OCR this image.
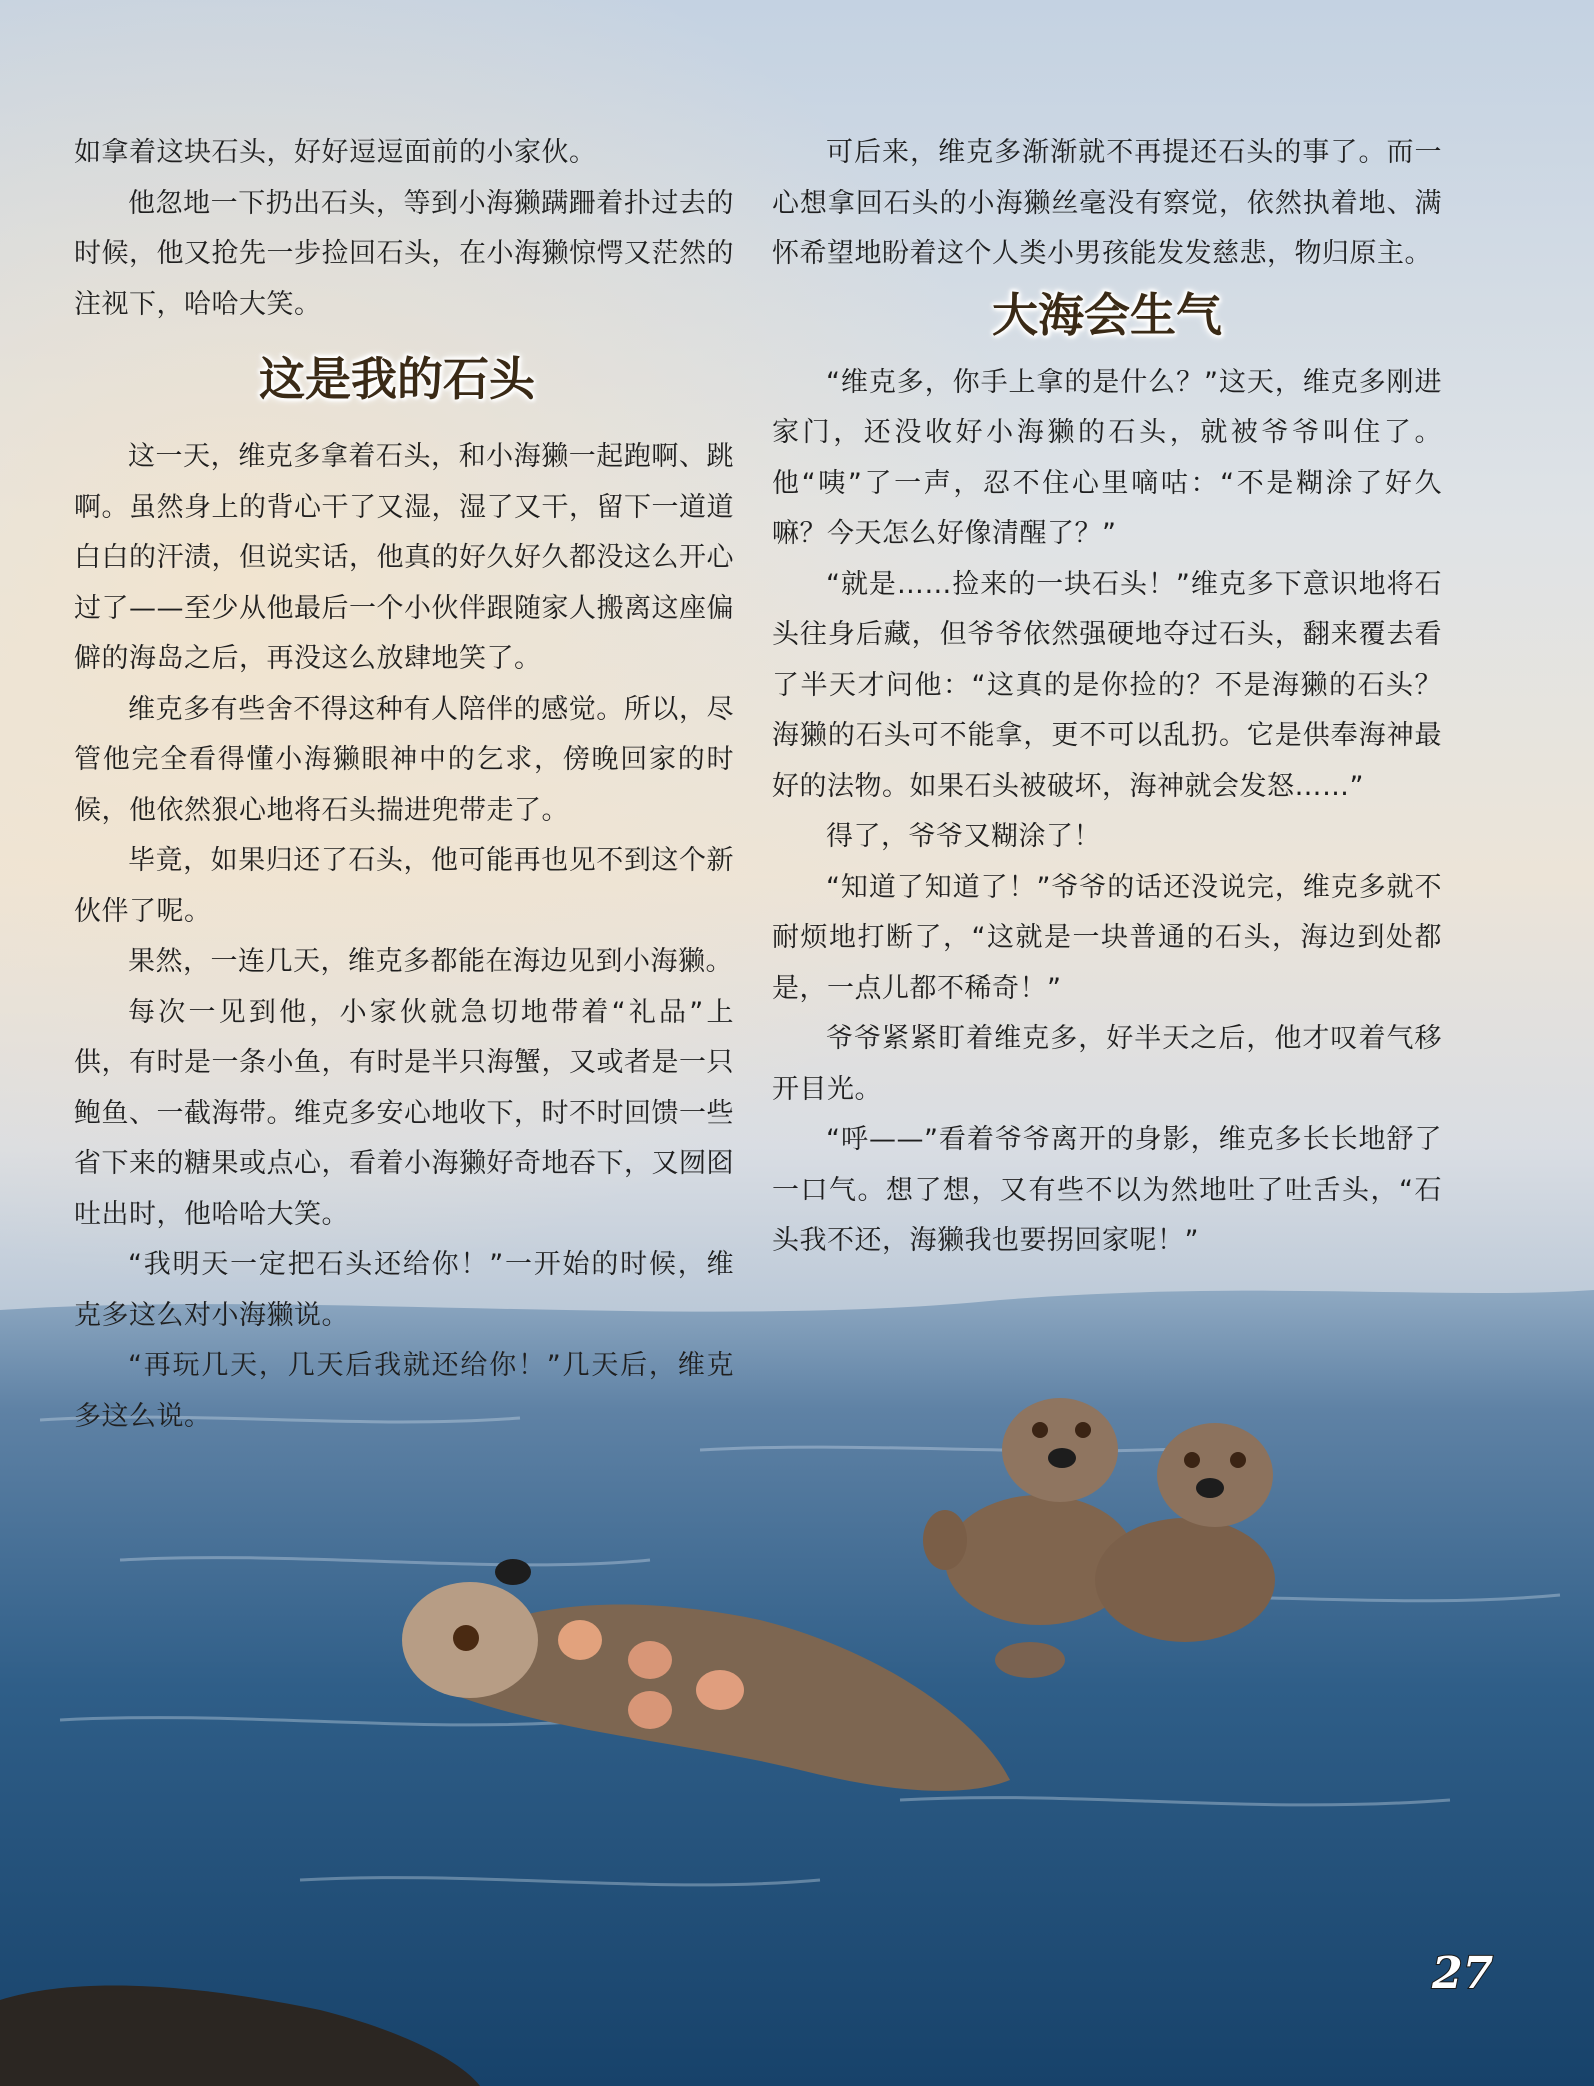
如拿着这块石头，好好逗逗面前的小家伙。

他忽地一下扔出石头，等到小海獭蹒跚着扑过去的时候，他又抢先一步捡回石头，在小海獭惊愕又茫然的注视下，哈哈大笑。

这是我的石头

这一天，维克多拿着石头，和小海獭一起跑啊、跳啊。虽然身上的背心干了又湿，湿了又干，留下一道道白白的汗渍，但说实话，他真的好久好久都没这么开心过了——至少从他最后一个小伙伴跟随家人搬离这座偏僻的海岛之后，再没这么放肆地笑了。

维克多有些舍不得这种有人陪伴的感觉。所以，尽管他完全看得懂小海獭眼神中的乞求，傍晚回家的时候，他依然狠心地将石头揣进兜带走了。

毕竟，如果归还了石头，他可能再也见不到这个新伙伴了呢。

果然，一连几天，维克多都能在海边见到小海獭。

每次一见到他，小家伙就急切地带着“礼品”上供，有时是一条小鱼，有时是半只海蟹，又或者是一只鲍鱼、一截海带。维克多安心地收下，时不时回馈一些省下来的糖果或点心，看着小海獭好奇地吞下，又囫囵吐出时，他哈哈大笑。

“我明天一定把石头还给你！”一开始的时候，维克多这么对小海獭说。

“再玩几天，几天后我就还给你！”几天后，维克多这么说。

可后来，维克多渐渐就不再提还石头的事了。而一心想拿回石头的小海獭丝毫没有察觉，依然执着地、满怀希望地盼着这个人类小男孩能发发慈悲，物归原主。

大海会生气

“维克多，你手上拿的是什么？”这天，维克多刚进家门，还没收好小海獭的石头，就被爷爷叫住了。他“咦”了一声，忍不住心里嘀咕：“不是糊涂了好久嘛？今天怎么好像清醒了？”

“就是……捡来的一块石头！”维克多下意识地将石头往身后藏，但爷爷依然强硬地夺过石头，翻来覆去看了半天才问他：“这真的是你捡的？不是海獭的石头？海獭的石头可不能拿，更不可以乱扔。它是供奉海神最好的法物。如果石头被破坏，海神就会发怒……”

得了，爷爷又糊涂了！

“知道了知道了！”爷爷的话还没说完，维克多就不耐烦地打断了，“这就是一块普通的石头，海边到处都是，一点儿都不稀奇！”

爷爷紧紧盯着维克多，好半天之后，他才叹着气移开目光。

“呼——”看着爷爷离开的身影，维克多长长地舒了一口气。想了想，又有些不以为然地吐了吐舌头，“石头我不还，海獭我也要拐回家呢！”

27
